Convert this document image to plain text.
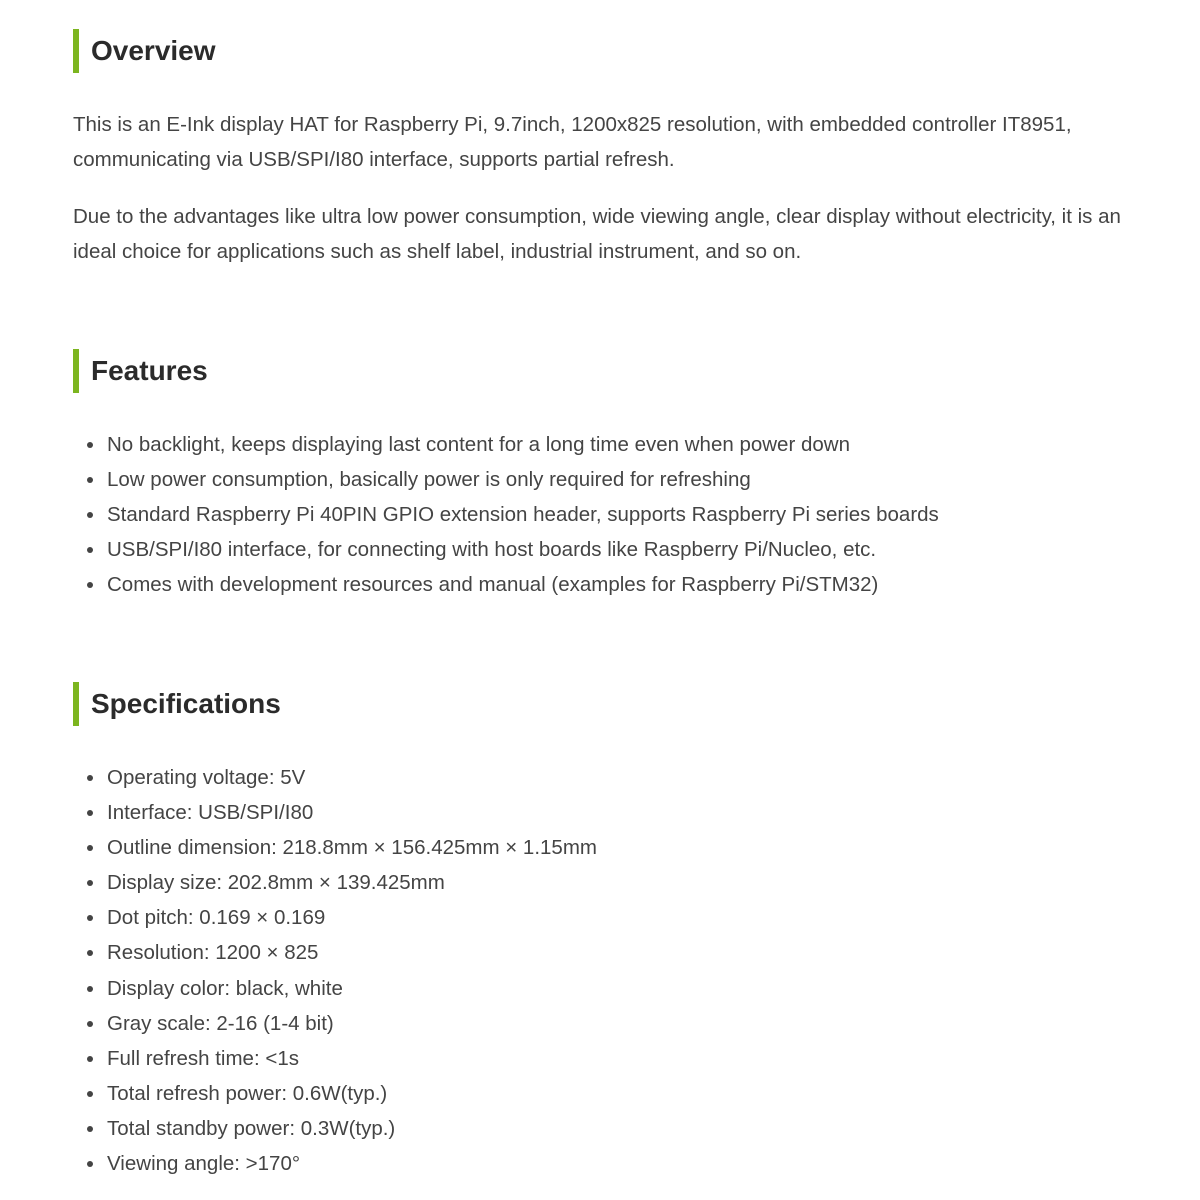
Overview

This is an E-Ink display HAT for Raspberry Pi, 9.7inch, 1200x825 resolution, with embedded controller IT8951, communicating via USB/SPI/I80 interface, supports partial refresh.

Due to the advantages like ultra low power consumption, wide viewing angle, clear display without electricity, it is an ideal choice for applications such as shelf label, industrial instrument, and so on.

Features
No backlight, keeps displaying last content for a long time even when power down
Low power consumption, basically power is only required for refreshing
Standard Raspberry Pi 40PIN GPIO extension header, supports Raspberry Pi series boards
USB/SPI/I80 interface, for connecting with host boards like Raspberry Pi/Nucleo, etc.
Comes with development resources and manual (examples for Raspberry Pi/STM32)
Specifications
Operating voltage: 5V
Interface: USB/SPI/I80
Outline dimension: 218.8mm × 156.425mm × 1.15mm
Display size: 202.8mm × 139.425mm
Dot pitch: 0.169 × 0.169
Resolution: 1200 × 825
Display color: black, white
Gray scale: 2-16 (1-4 bit)
Full refresh time: <1s
Total refresh power: 0.6W(typ.)
Total standby power: 0.3W(typ.)
Viewing angle: >170°
